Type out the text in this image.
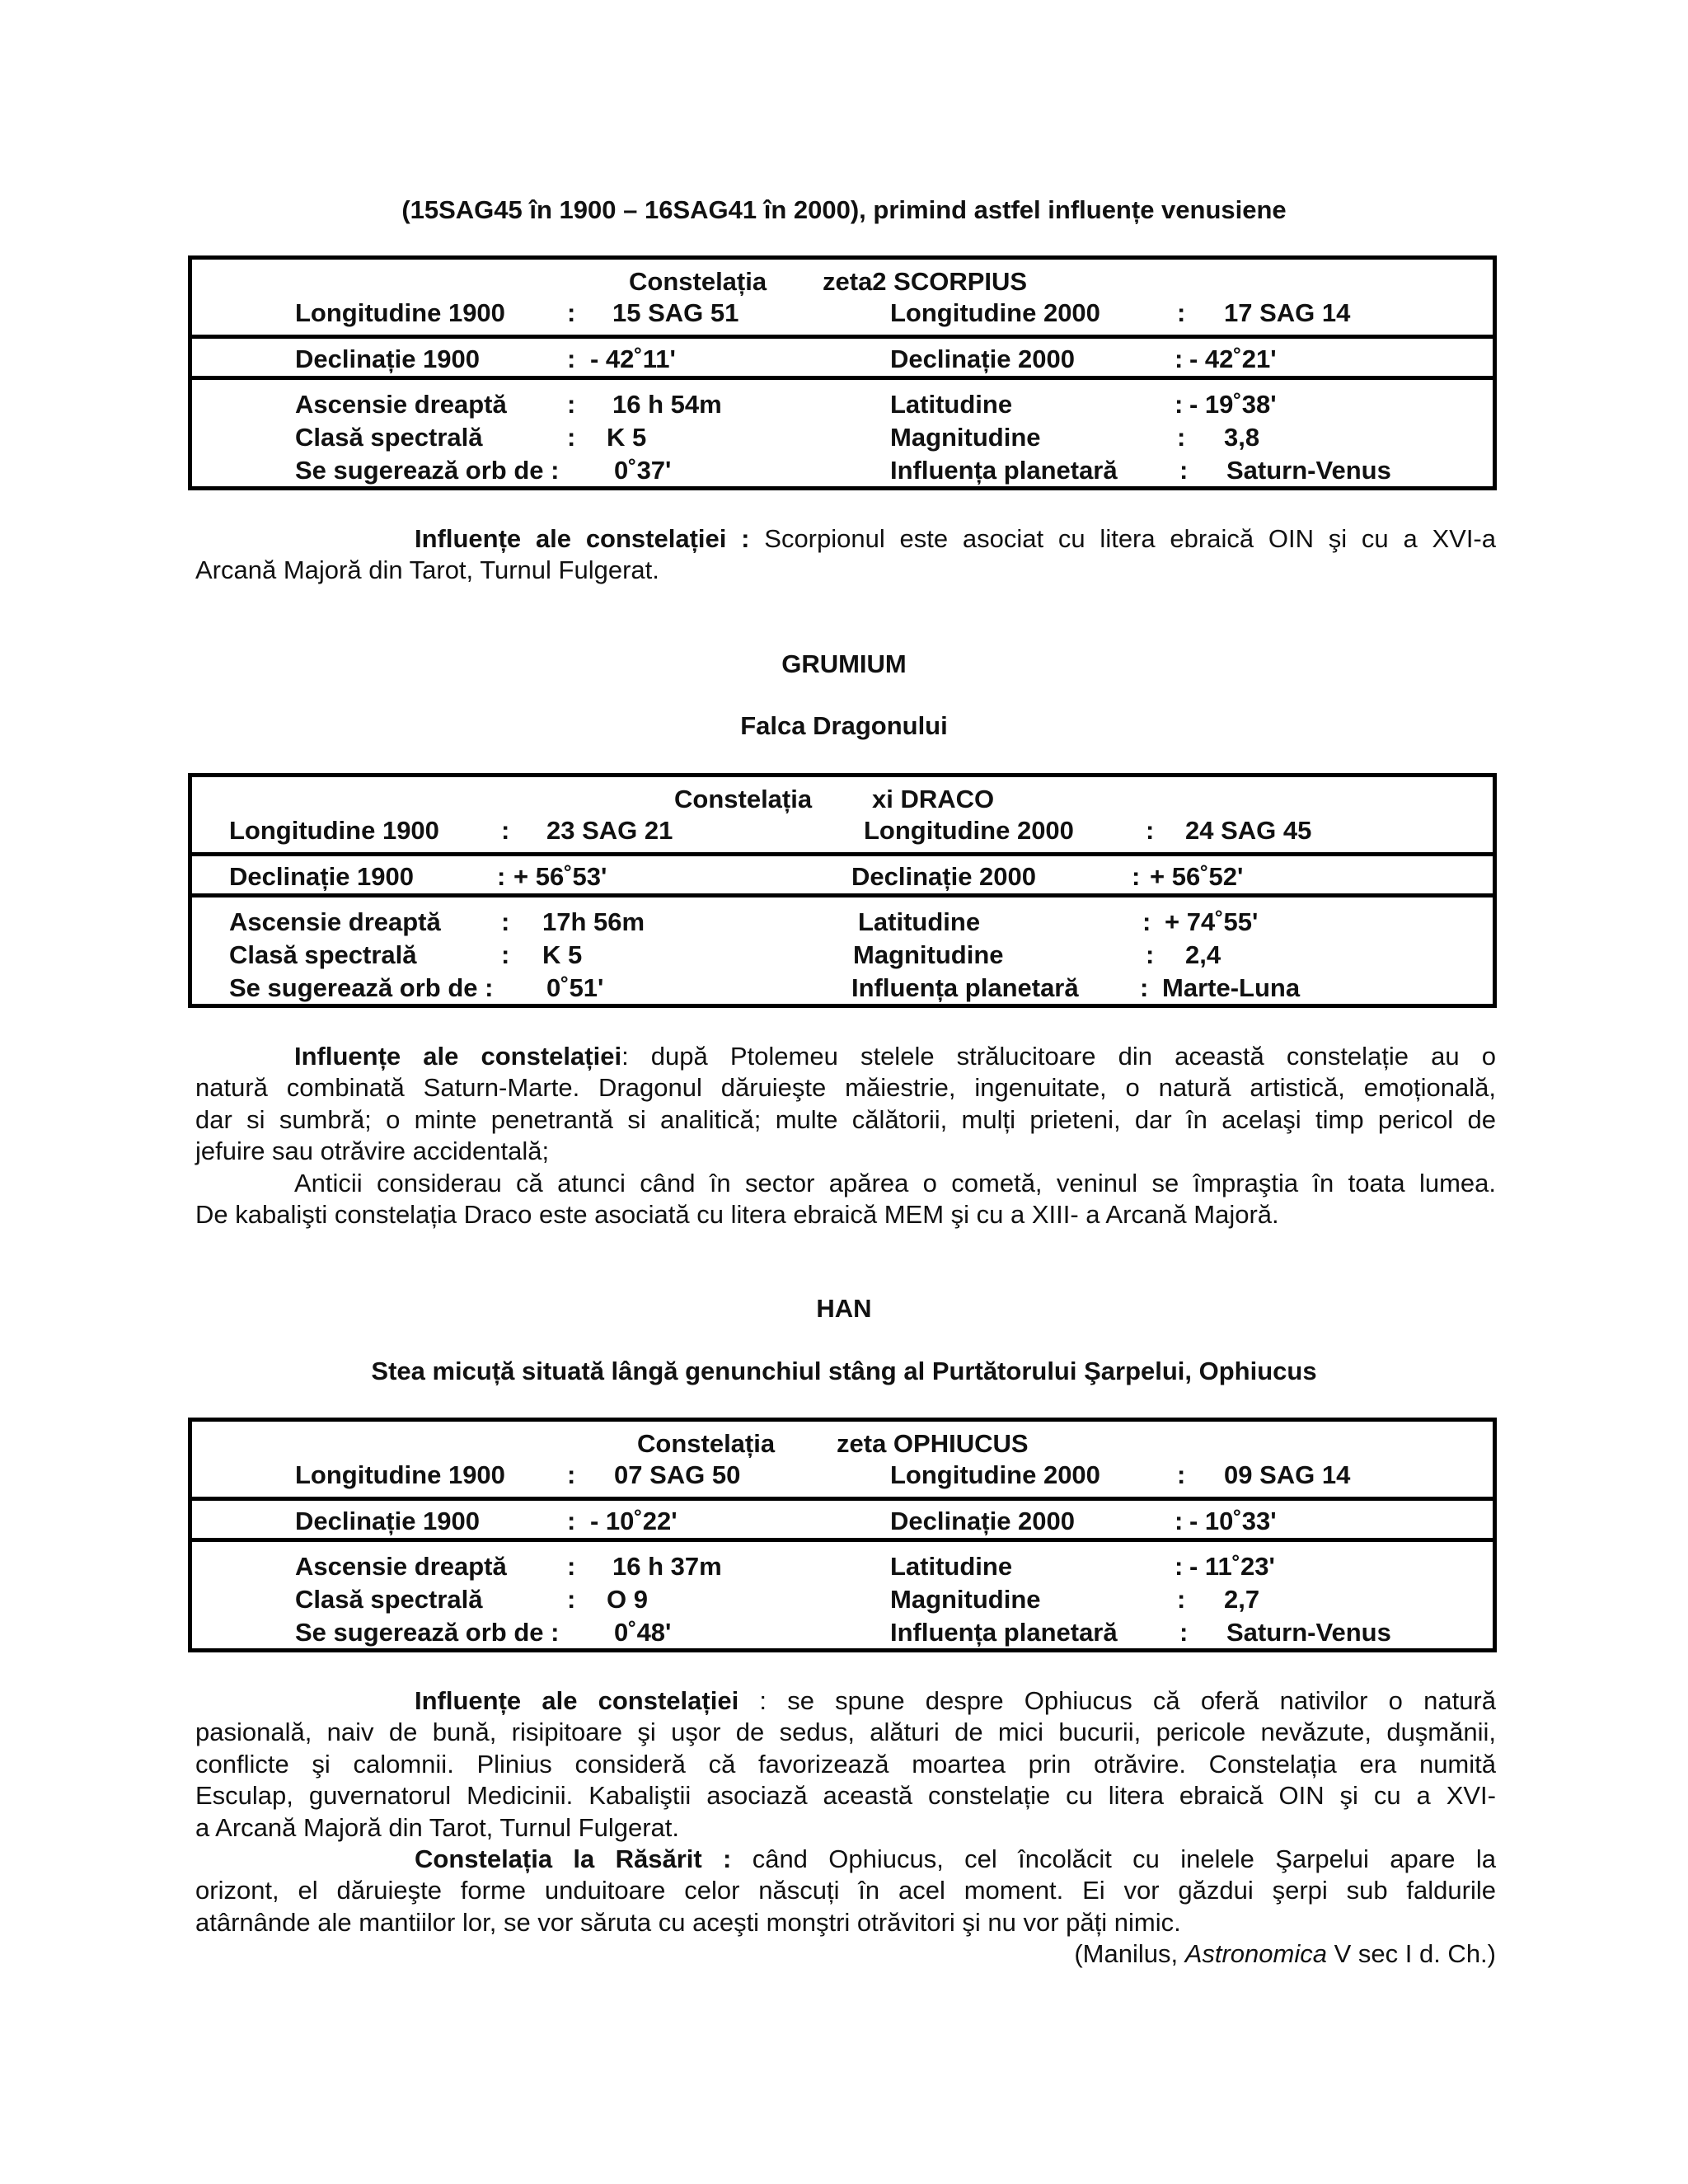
(15SAG45 în 1900 – 16SAG41 în 2000), primind astfel influențe venusiene
Constelația zeta2 SCORPIUS
Longitudine 1900 : 15 SAG 51	Longitudine 2000	: 17 SAG 14
Declinație 1900	: - 42˚11ʹ	Declinație 2000	: - 42˚21ʹ
Ascensie dreaptă : 16 h 54m	Latitudine	: - 19˚38ʹ
Clasă spectrală	: K 5	Magnitudine	: 3,8
Se sugerează orb de : 0˚37ʹ	Influența planetară : Saturn-Venus
Influențe ale constelației : Scorpionul este asociat cu litera ebraică OIN şi cu a XVI-a
Arcană Majoră din Tarot, Turnul Fulgerat.
GRUMIUM
Falca Dragonului
Constelația xi DRACO
Longitudine 1900 : 23 SAG 21	Longitudine 2000	: 24 SAG 45
Declinație 1900	: + 56˚53ʹ	Declinație 2000	: + 56˚52ʹ
Ascensie dreaptă : 17h 56m	Latitudine	: + 74˚55ʹ
Clasă spectrală	: K 5	Magnitudine	: 2,4
Se sugerează orb de : 0˚51ʹ	Influența planetară : Marte-Luna
Influențe ale constelației: după Ptolemeu stelele strălucitoare din această constelație au o
natură combinată Saturn-Marte. Dragonul dăruieşte măiestrie, ingenuitate, o natură artistică, emoțională,
dar si sumbră; o minte penetrantă si analitică; multe călătorii, mulți prieteni, dar în acelaşi timp pericol de
jefuire sau otrăvire accidentală;
Anticii considerau că atunci când în sector apărea o cometă, veninul se împraştia în toata lumea.
De kabalişti constelația Draco este asociată cu litera ebraică MEM şi cu a XIII- a Arcană Majoră.
HAN
Stea micuță situată lângă genunchiul stâng al Purtătorului Şarpelui, Ophiucus
Constelația zeta OPHIUCUS
Longitudine 1900 : 07 SAG 50	Longitudine 2000	: 09 SAG 14
Declinație 1900	: - 10˚22ʹ	Declinație 2000	: - 10˚33ʹ
Ascensie dreaptă : 16 h 37m	Latitudine	: - 11˚23ʹ
Clasă spectrală	: O 9	Magnitudine	: 2,7
Se sugerează orb de : 0˚48ʹ	Influența planetară : Saturn-Venus
Influențe ale constelației : se spune despre Ophiucus că oferă nativilor o natură
pasională, naiv de bună, risipitoare şi uşor de sedus, alături de mici bucurii, pericole nevăzute, duşmănii,
conflicte şi calomnii. Plinius consideră că favorizează moartea prin otrăvire. Constelația era numită
Esculap, guvernatorul Medicinii. Kabaliştii asociază această constelație cu litera ebraică OIN şi cu a XVI-
a Arcană Majoră din Tarot, Turnul Fulgerat.
Constelația la Răsărit : când Ophiucus, cel încolăcit cu inelele Şarpelui apare la
orizont, el dăruieşte forme unduitoare celor născuți în acel moment. Ei vor găzdui şerpi sub faldurile
atârnânde ale mantiilor lor, se vor săruta cu aceşti monştri otrăvitori şi nu vor păți nimic.
(Manilus, Astronomica V sec I d. Ch.)
